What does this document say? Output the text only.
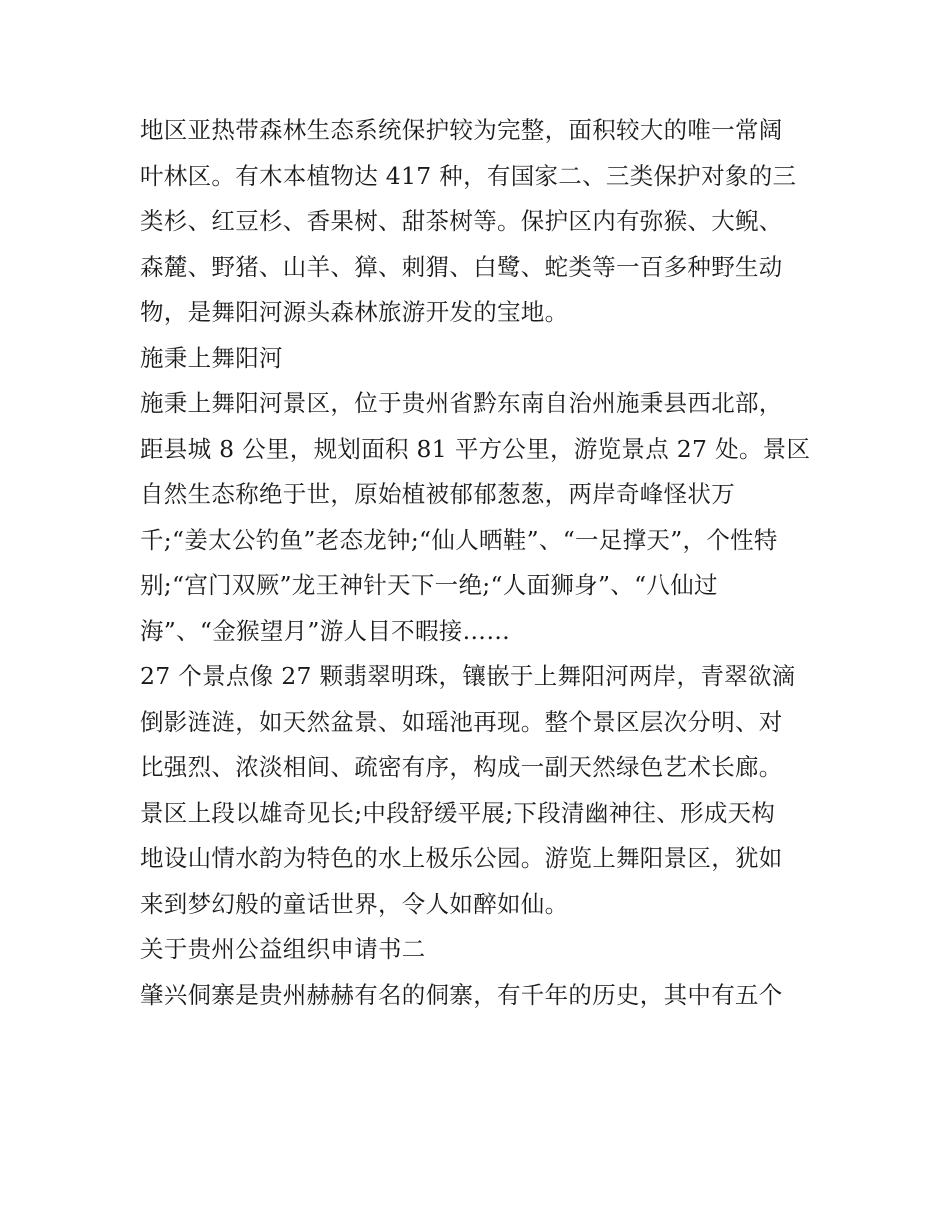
地区亚热带森林生态系统保护较为完整，面积较大的唯一常阔
叶林区。有木本植物达 417 种，有国家二、三类保护对象的三
类杉、红豆杉、香果树、甜茶树等。保护区内有弥猴、大鲵、
森麓、野猪、山羊、獐、刺猬、白鹭、蛇类等一百多种野生动
物，是舞阳河源头森林旅游开发的宝地。
施秉上舞阳河
施秉上舞阳河景区，位于贵州省黔东南自治州施秉县西北部，
距县城 8 公里，规划面积 81 平方公里，游览景点 27 处。景区
自然生态称绝于世，原始植被郁郁葱葱，两岸奇峰怪状万
千;“姜太公钓鱼”老态龙钟;“仙人晒鞋”、“一足撑天”，个性特
别;“宫门双厥”龙王神针天下一绝;“人面狮身”、“八仙过
海”、“金猴望月”游人目不暇接……
27 个景点像 27 颗翡翠明珠，镶嵌于上舞阳河两岸，青翠欲滴
倒影涟涟，如天然盆景、如瑶池再现。整个景区层次分明、对
比强烈、浓淡相间、疏密有序，构成一副天然绿色艺术长廊。
景区上段以雄奇见长;中段舒缓平展;下段清幽神往、形成天构
地设山情水韵为特色的水上极乐公园。游览上舞阳景区，犹如
来到梦幻般的童话世界，令人如醉如仙。
关于贵州公益组织申请书二
肇兴侗寨是贵州赫赫有名的侗寨，有千年的历史，其中有五个
